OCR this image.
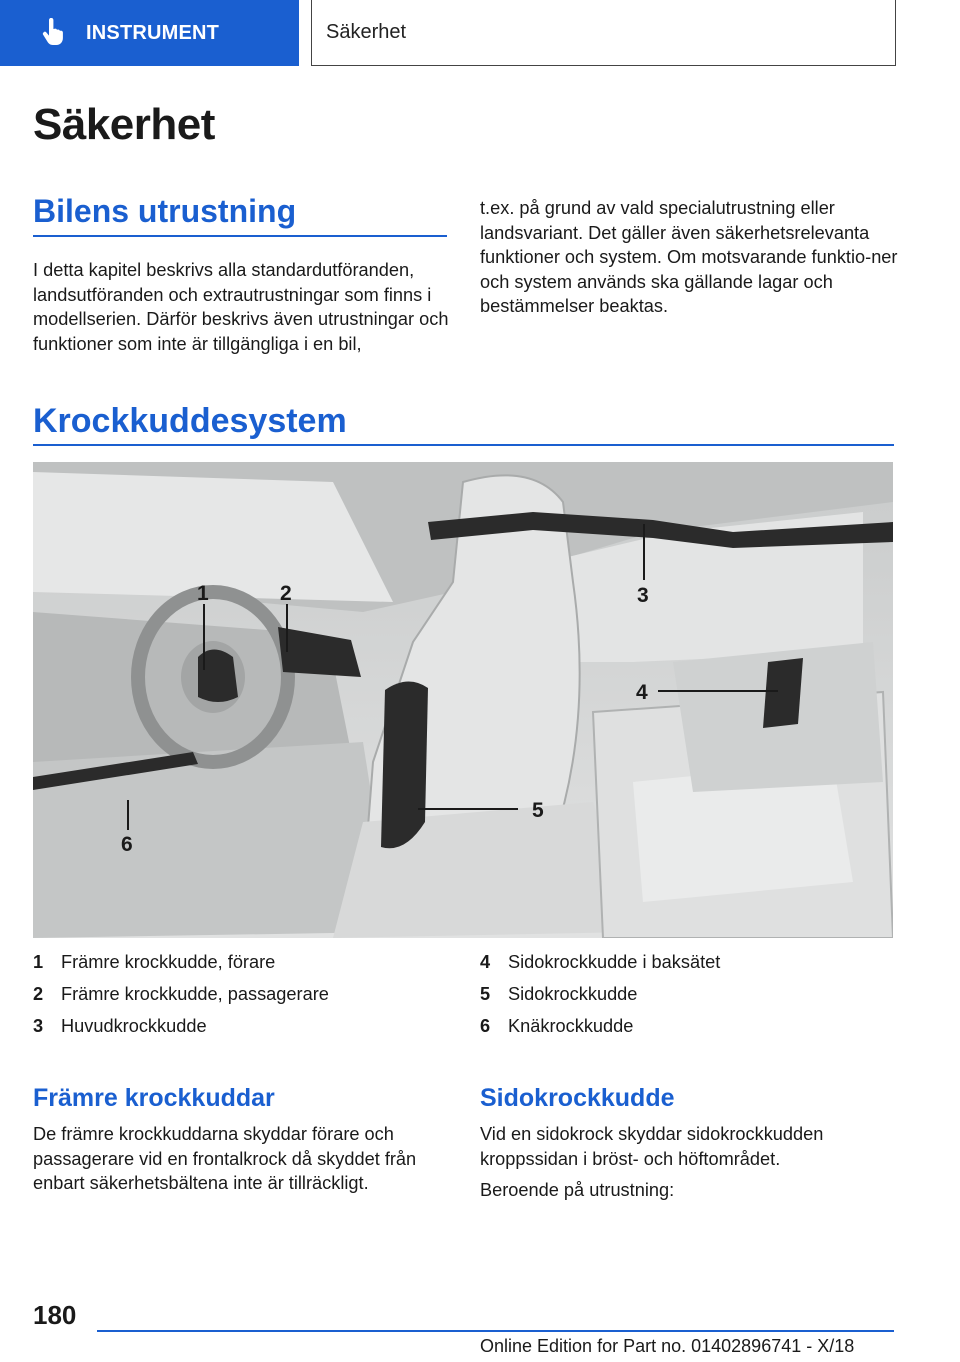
INSTRUMENT	Säkerhet
Säkerhet
Bilens utrustning
I detta kapitel beskrivs alla standardutföranden, landsutföranden och extrautrustningar som finns i modellserien. Därför beskrivs även utrustningar och funktioner som inte är tillgängliga i en bil,
t.ex. på grund av vald specialutrustning eller landsvariant. Det gäller även säkerhetsrelevanta funktioner och system. Om motsvarande funktio-ner och system används ska gällande lagar och bestämmelser beaktas.
Krockkuddesystem
1	2	3
4
5
6
1 Främre krockkudde, förare
2 Främre krockkudde, passagerare
3 Huvudkrockkudde
4 Sidokrockkudde i baksätet
5 Sidokrockkudde
6 Knäkrockkudde
Främre krockkuddar
De främre krockkuddarna skyddar förare och passagerare vid en frontalkrock då skyddet från enbart säkerhetsbältena inte är tillräckligt.
Sidokrockkudde
Vid en sidokrock skyddar sidokrockkudden kroppssidan i bröst- och höftområdet.
Beroende på utrustning:
180
Online Edition for Part no. 01402896741 - X/18
